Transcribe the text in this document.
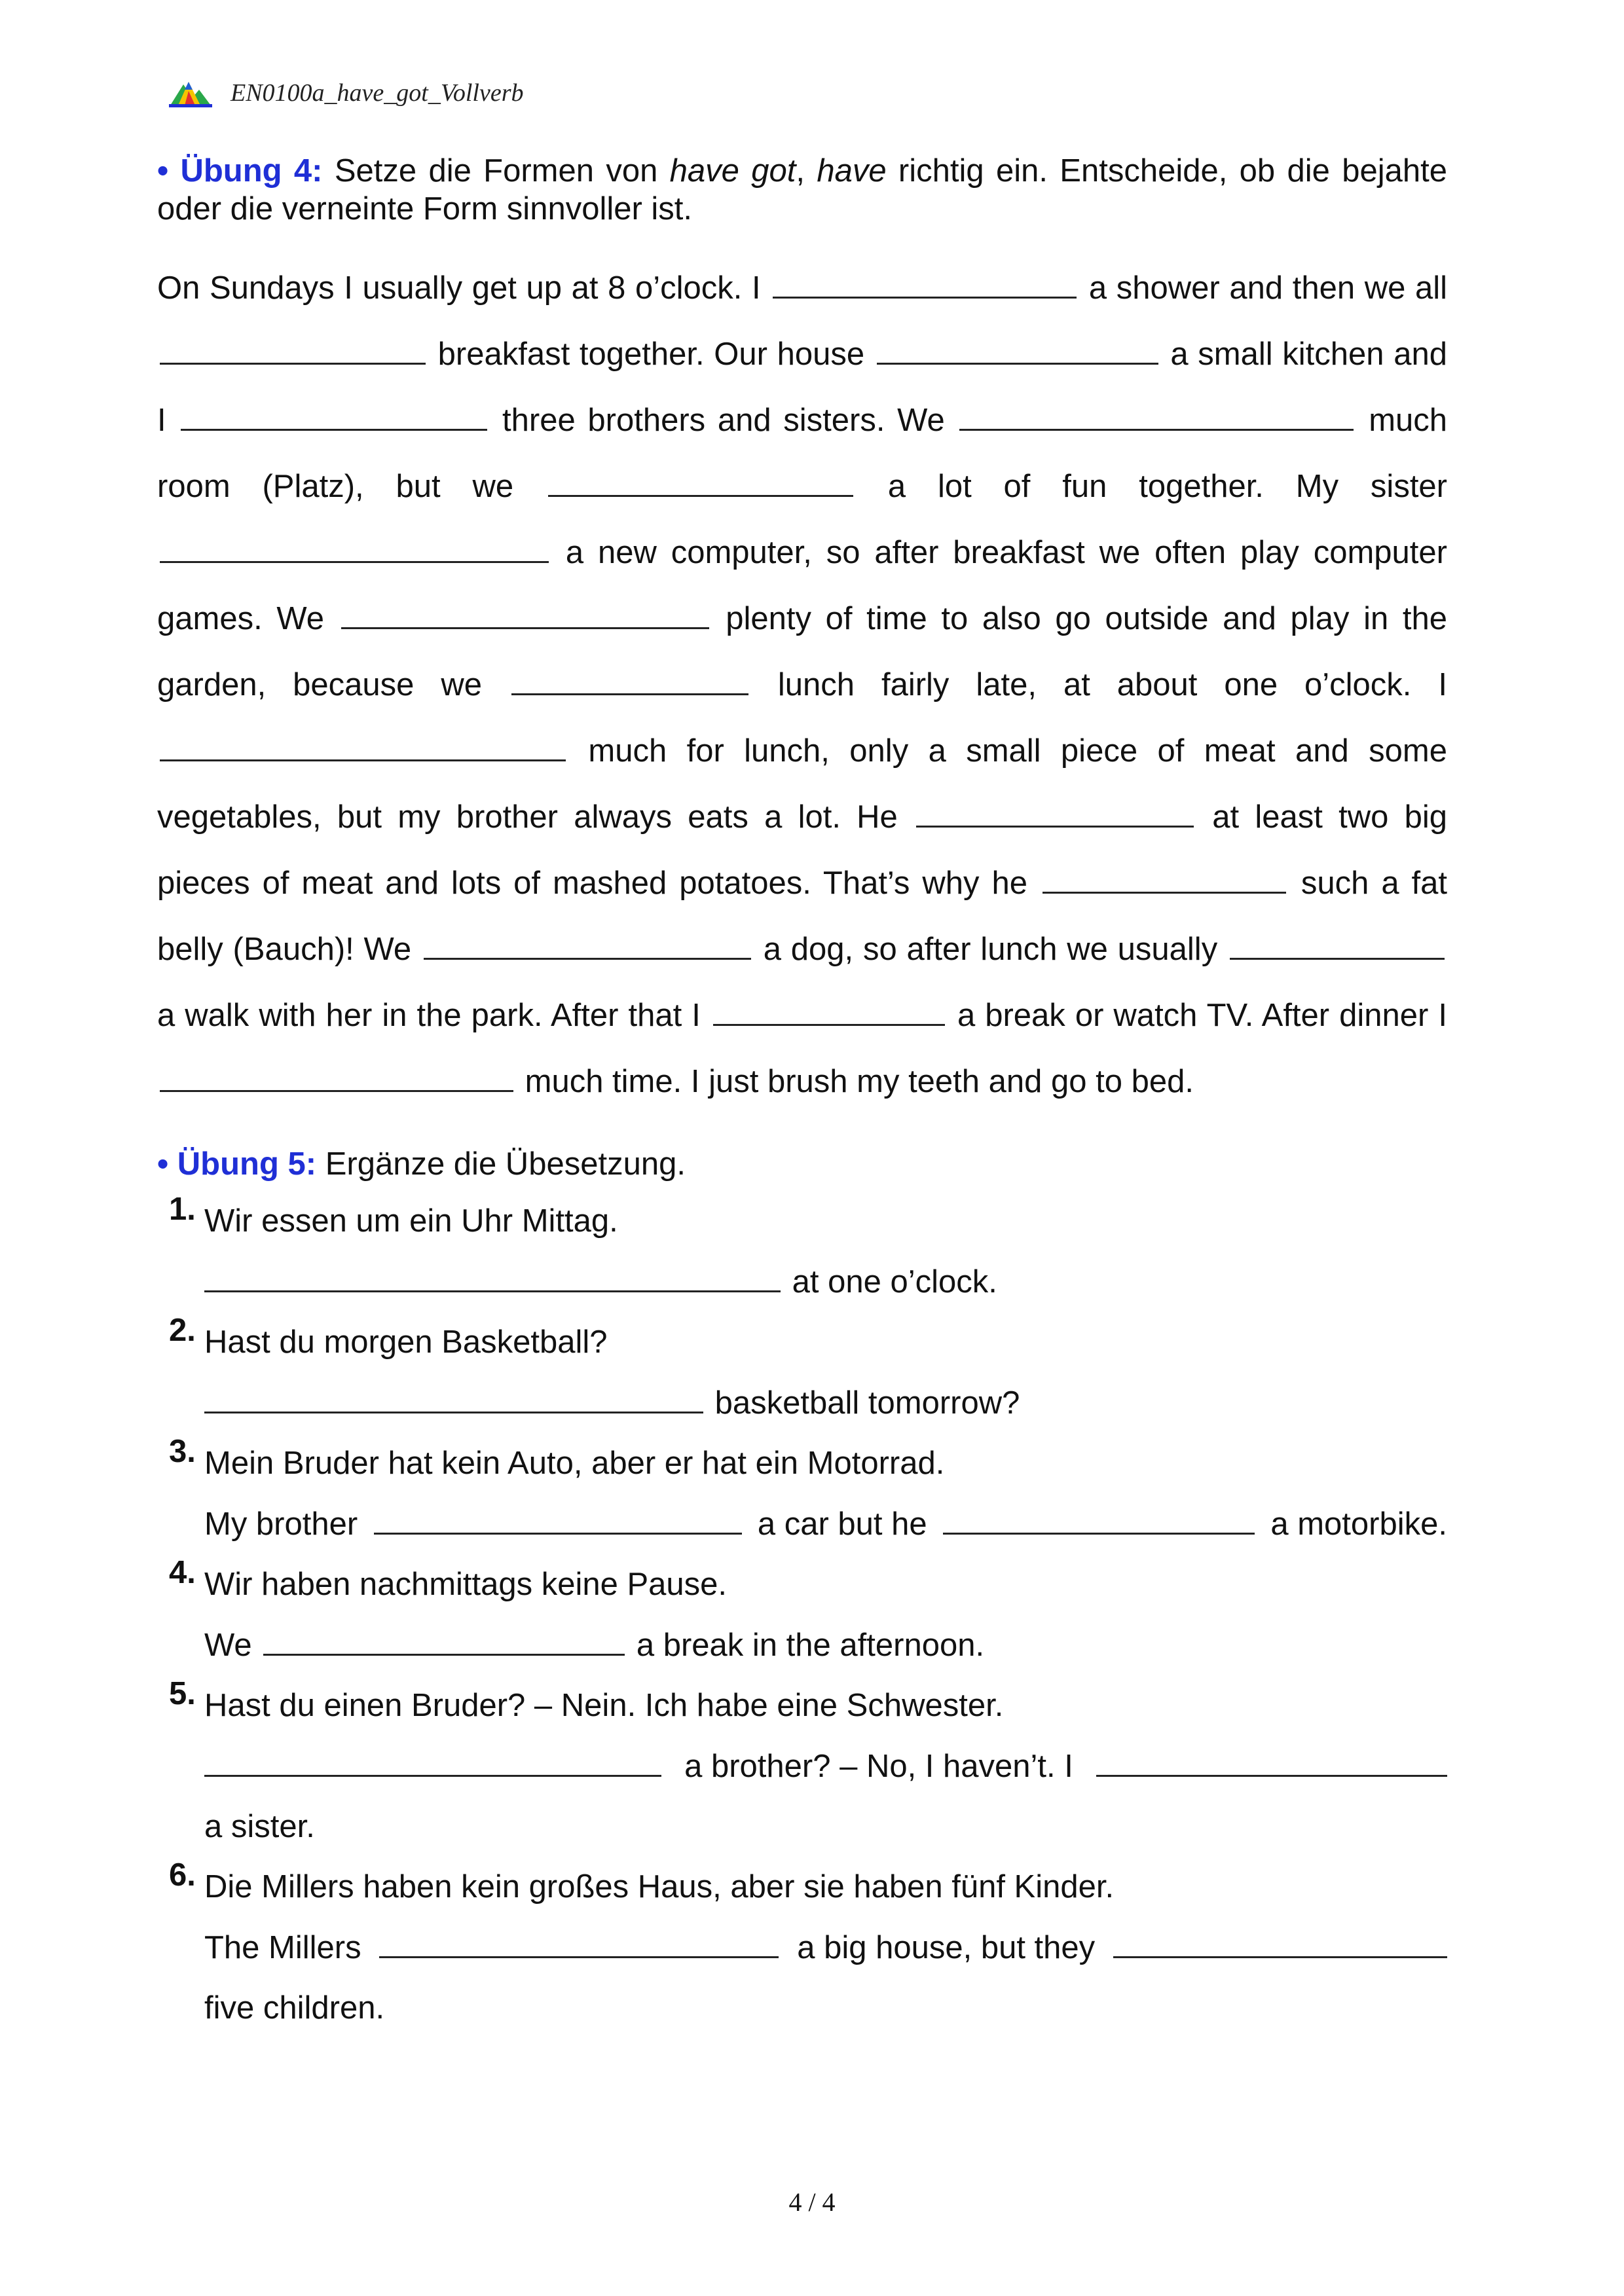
EN0100a_have_got_Vollverb

• Übung 4: Setze die Formen von have got, have richtig ein. Entscheide, ob die bejahte oder die verneinte Form sinnvoller ist.

On Sundays I usually get up at 8 o’clock. I	a shower and then we all  breakfast together. Our house	a small kitchen and I	three brothers and sisters. We	much room (Platz), but we	a lot of fun together. My sister  a new computer, so after breakfast we often play computer games. We	plenty of time to also go outside and play in the garden, because we	lunch fairly late, at about one o’clock. I  much for lunch, only a small piece of meat and some vegetables, but my brother always eats a lot. He	at least two big pieces of meat and lots of mashed potatoes. That’s why he	such a fat belly (Bauch)! We	a dog, so after lunch we usually  a walk with her in the park. After that I	a break or watch TV. After dinner I  much time. I just brush my teeth and go to bed.

• Übung 5: Ergänze die Übesetzung.

1. Wir essen um ein Uhr Mittag.
at one o’clock.
2. Hast du morgen Basketball?
basketball tomorrow?
3. Mein Bruder hat kein Auto, aber er hat ein Motorrad.
My brother	a car but he	a motorbike.
4. Wir haben nachmittags keine Pause.
We	a break in the afternoon.
5. Hast du einen Bruder? – Nein. Ich habe eine Schwester.
a brother? – No, I haven’t. I
a sister.
6. Die Millers haben kein großes Haus, aber sie haben fünf Kinder.
The Millers	a big house, but they
five children.
4 / 4
